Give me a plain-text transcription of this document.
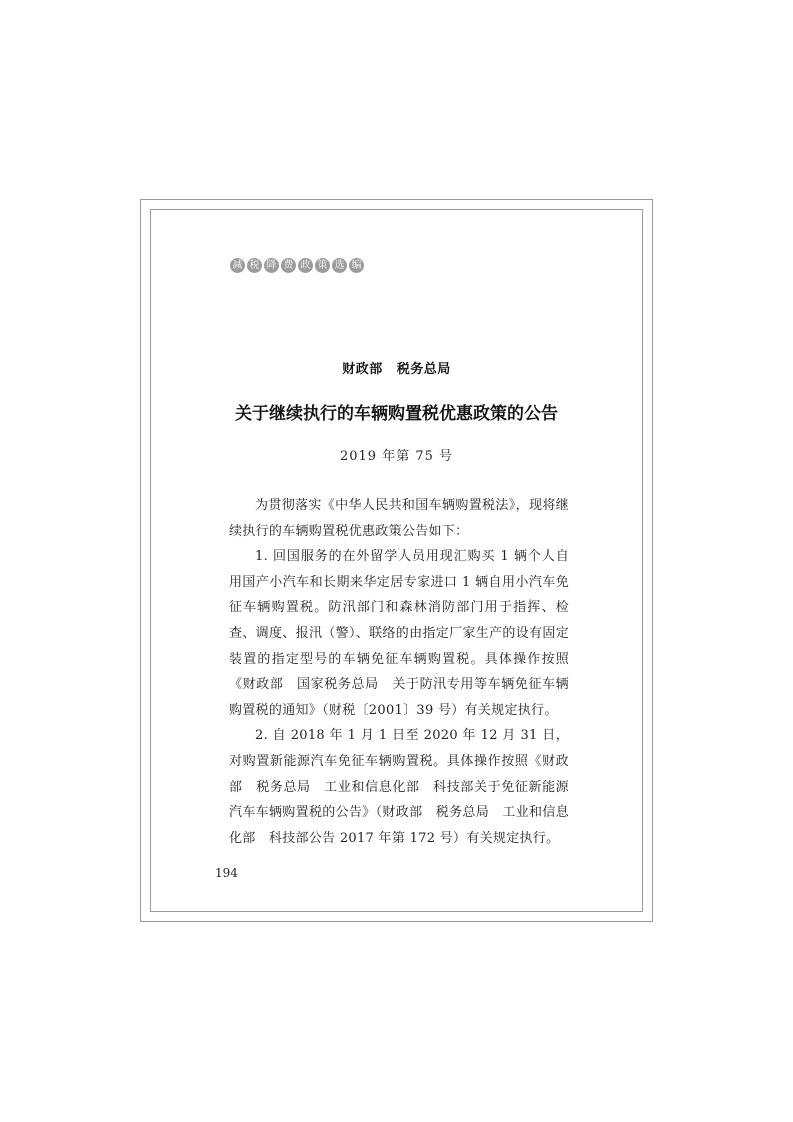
减 税 降 费 政 策 选 编
财政部 税务总局
关于继续执行的车辆购置税优惠政策的公告
2019 年第 75 号

为贯彻落实《中华人民共和国车辆购置税法》，现将继续执行的车辆购置税优惠政策公告如下：

1. 回国服务的在外留学人员用现汇购买 1 辆个人自用国产小汽车和长期来华定居专家进口 1 辆自用小汽车免征车辆购置税。防汛部门和森林消防部门用于指挥、检查、调度、报汛（警）、联络的由指定厂家生产的设有固定装置的指定型号的车辆免征车辆购置税。具体操作按照《财政部　国家税务总局　关于防汛专用等车辆免征车辆购置税的通知》（财税〔2001〕39 号）有关规定执行。

2. 自 2018 年 1 月 1 日至 2020 年 12 月 31 日，对购置新能源汽车免征车辆购置税。具体操作按照《财政部　税务总局　工业和信息化部　科技部关于免征新能源汽车车辆购置税的公告》（财政部　税务总局　工业和信息化部　科技部公告 2017 年第 172 号）有关规定执行。

194
